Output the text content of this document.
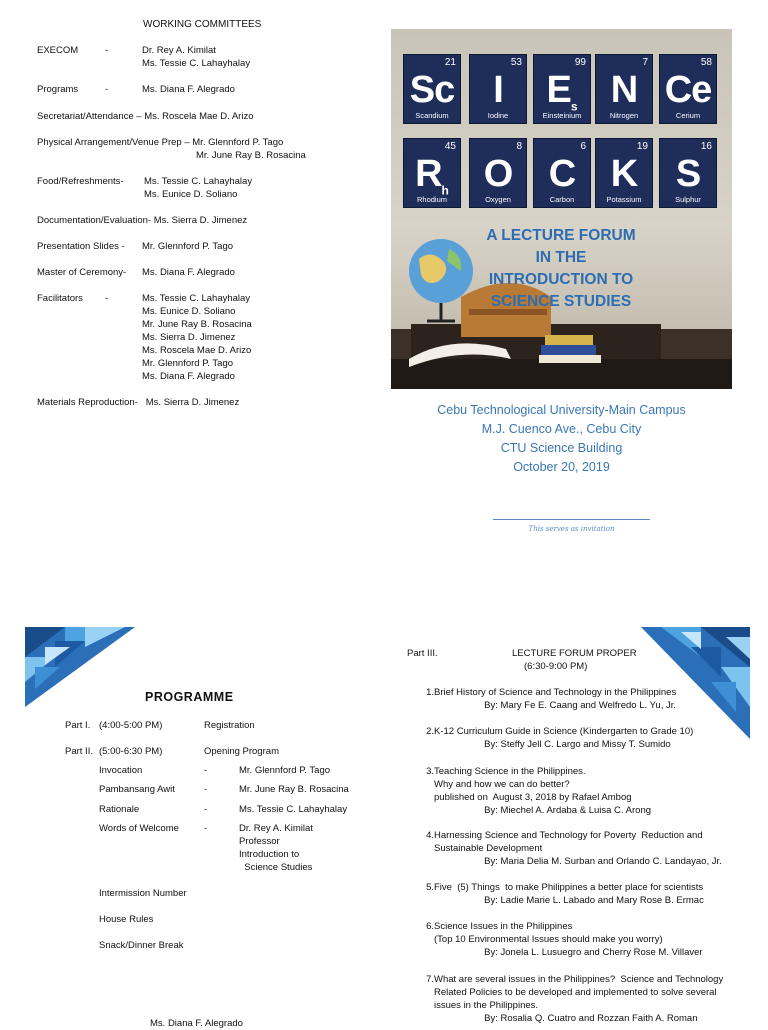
WORKING COMMITTEES
EXECOM	-	Dr. Rey A. Kimilat
Ms. Tessie C. Lahayhalay
Programs	-	Ms. Diana F. Alegrado
Secretariat/Attendance – Ms. Roscela Mae D. Arizo
Physical Arrangement/Venue Prep – Mr. Glennford P. Tago
Mr. June Ray B. Rosacina
Food/Refreshments- Ms. Tessie C. Lahayhalay
Ms. Eunice D. Soliano
Documentation/Evaluation- Ms. Sierra D. Jimenez
Presentation Slides - Mr. Glennford P. Tago
Master of Ceremony- Ms. Diana F. Alegrado
Facilitators -	Ms. Tessie C. Lahayhalay
Ms. Eunice D. Soliano
Mr. June Ray B. Rosacina
Ms. Sierra D. Jimenez
Ms. Roscela Mae D. Arizo
Mr. Glennford P. Tago
Ms. Diana F. Alegrado
Materials Reproduction-   Ms. Sierra D. Jimenez
21
Sc
Scandium
53
I
Iodine
99
$E_s$
Einsteinium
7
N
Nitrogen
58
Ce
Cerium
45
$R_h$
Rhodium
8
O
Oxygen
6
C
Carbon
19
K
Potassium
16
S
Sulphur
A LECTURE FORUM
IN THE
INTRODUCTION TO
SCIENCE STUDIES
Cebu Technological University-Main Campus
M.J. Cuenco Ave., Cebu City
CTU Science Building
October 20, 2019
This serves as invitation
PROGRAMME
Part I. (4:00-5:00 PM)	Registration
Part II. (5:00-6:30 PM)	Opening Program
Invocation	-	Mr. Glennford P. Tago
Pambansang Awit	-	Mr. June Ray B. Rosacina
Rationale	-	Ms. Tessie C. Lahayhalay
Words of Welcome	-	Dr. Rey A. Kimilat
Professor
Introduction to
Science Studies
Intermission Number
House Rules
Snack/Dinner Break
Ms. Diana F. Alegrado
Part III.	LECTURE FORUM PROPER
(6:30-9:00 PM)
1. Brief History of Science and Technology in the Philippines
By: Mary Fe E. Caang and Welfredo L. Yu, Jr.
2. K-12 Curriculum Guide in Science (Kindergarten to Grade 10)
By: Steffy Jell C. Largo and Missy T. Sumido
3. Teaching Science in the Philippines.
Why and how we can do better?
published on  August 3, 2018 by Rafael Ambog
By: Miechel A. Ardaba & Luisa C. Arong
4. Harnessing Science and Technology for Poverty  Reduction and
Sustainable Development
By: Maria Delia M. Surban and Orlando C. Landayao, Jr.
5. Five  (5) Things  to make Philippines a better place for scientists
By: Ladie Marie L. Labado and Mary Rose B. Ermac
6. Science Issues in the Philippines
(Top 10 Environmental Issues should make you worry)
By: Jonela L. Lusuegro and Cherry Rose M. Villaver
7. What are several issues in the Philippines?  Science and Technology
Related Policies to be developed and implemented to solve several
issues in the Philippines.
By: Rosalia Q. Cuatro and Rozzan Faith A. Roman
